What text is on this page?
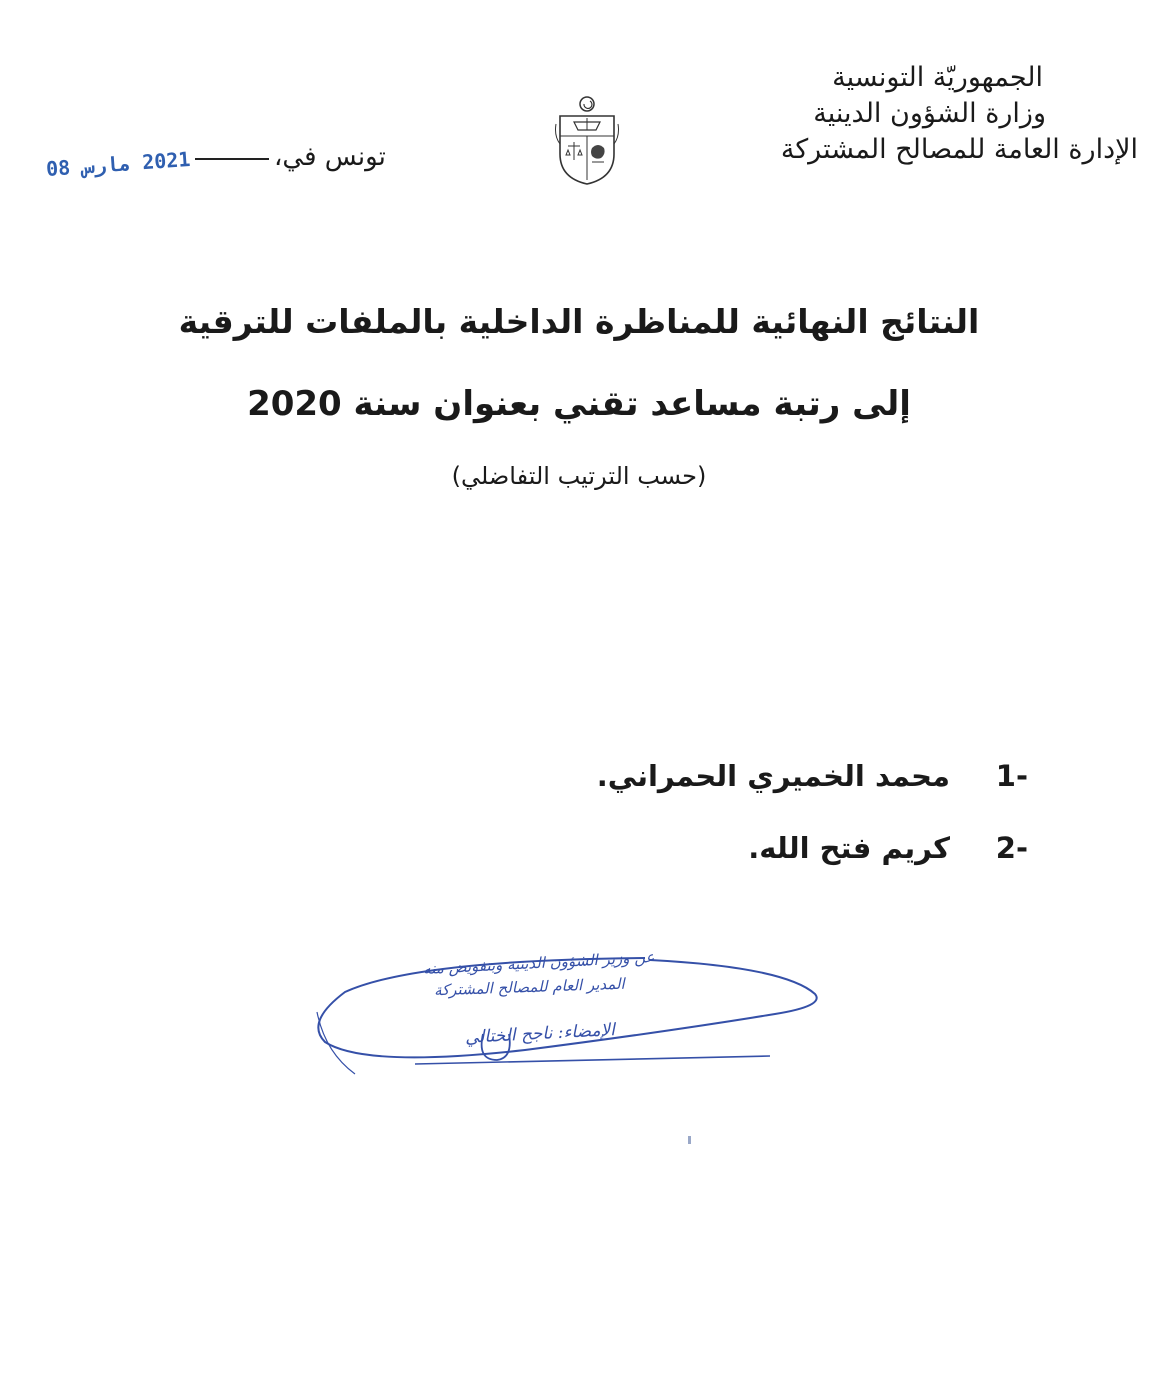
الجمهوريّة التونسية
وزارة الشؤون الدينية
الإدارة العامة للمصالح المشتركة
تونس في،
2021 مارس 08
النتائج النهائية للمناظرة الداخلية بالملفات للترقية
إلى رتبة مساعد تقني بعنوان سنة 2020
(حسب الترتيب التفاضلي)
1-
محمد الخميري الحمراني.
2-
كريم فتح الله.
عن وزير الشؤون الدينية وبتفويض منه
المدير العام للمصالح المشتركة
الإمضاء: ناجح الختالي
